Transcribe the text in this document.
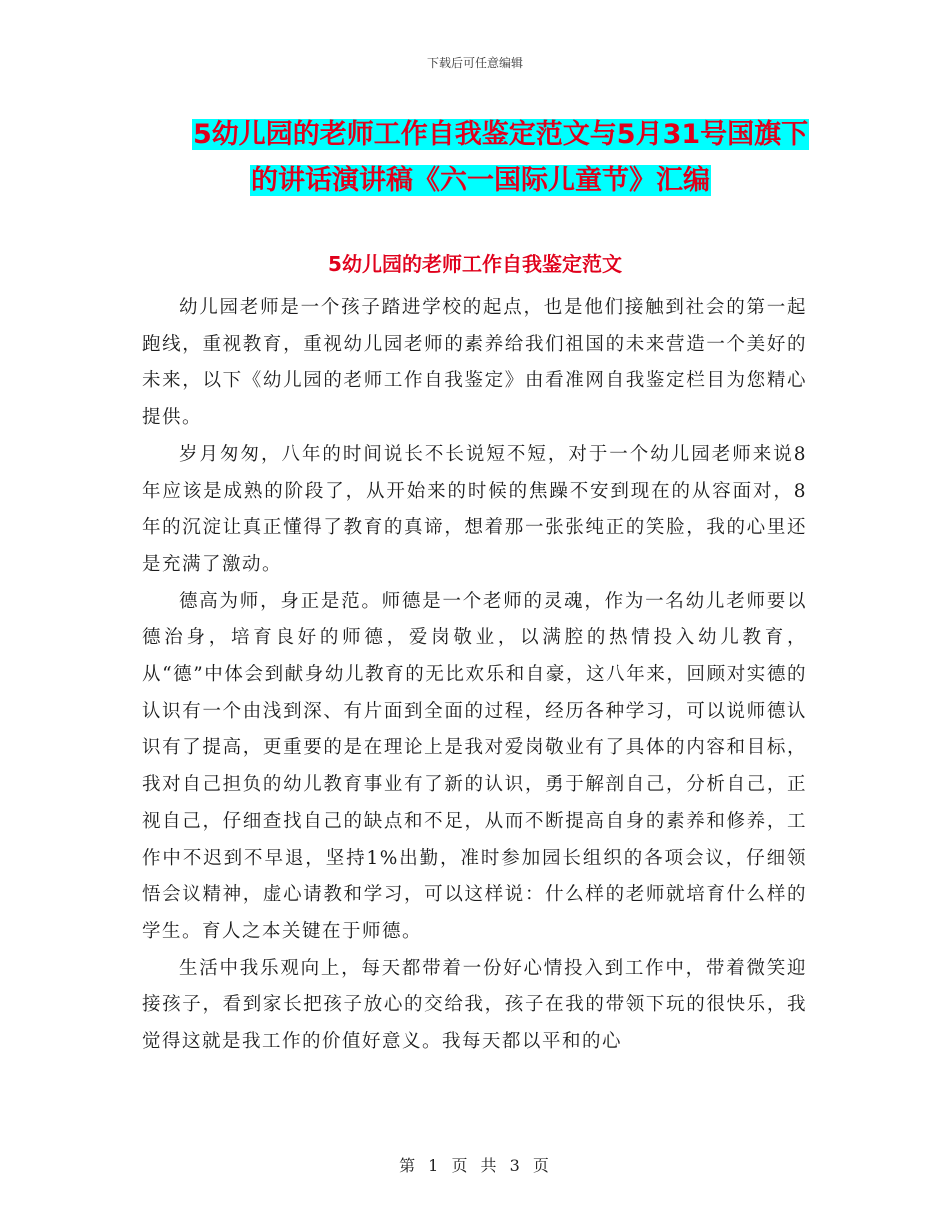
下载后可任意编辑
5幼儿园的老师工作自我鉴定范文与5月31号国旗下
的讲话演讲稿《六一国际儿童节》汇编
5幼儿园的老师工作自我鉴定范文

幼儿园老师是一个孩子踏进学校的起点，也是他们接触到社会的第一起跑线，重视教育，重视幼儿园老师的素养给我们祖国的未来营造一个美好的未来，以下《幼儿园的老师工作自我鉴定》由看准网自我鉴定栏目为您精心提供。

岁月匆匆，八年的时间说长不长说短不短，对于一个幼儿园老师来说8年应该是成熟的阶段了，从开始来的时候的焦躁不安到现在的从容面对，8年的沉淀让真正懂得了教育的真谛，想着那一张张纯正的笑脸，我的心里还是充满了激动。

德高为师，身正是范。师德是一个老师的灵魂，作为一名幼儿老师要以德治身，培育良好的师德，爱岗敬业，以满腔的热情投入幼儿教育，从“德”中体会到献身幼儿教育的无比欢乐和自豪，这八年来，回顾对实德的认识有一个由浅到深、有片面到全面的过程，经历各种学习，可以说师德认识有了提高，更重要的是在理论上是我对爱岗敬业有了具体的内容和目标，我对自己担负的幼儿教育事业有了新的认识，勇于解剖自己，分析自己，正视自己，仔细查找自己的缺点和不足，从而不断提高自身的素养和修养，工作中不迟到不早退，坚持1%出勤，准时参加园长组织的各项会议，仔细领悟会议精神，虚心请教和学习，可以这样说：什么样的老师就培育什么样的学生。育人之本关键在于师德。

生活中我乐观向上，每天都带着一份好心情投入到工作中，带着微笑迎接孩子，看到家长把孩子放心的交给我，孩子在我的带领下玩的很快乐，我觉得这就是我工作的价值好意义。我每天都以平和的心

第 1 页 共 3 页
